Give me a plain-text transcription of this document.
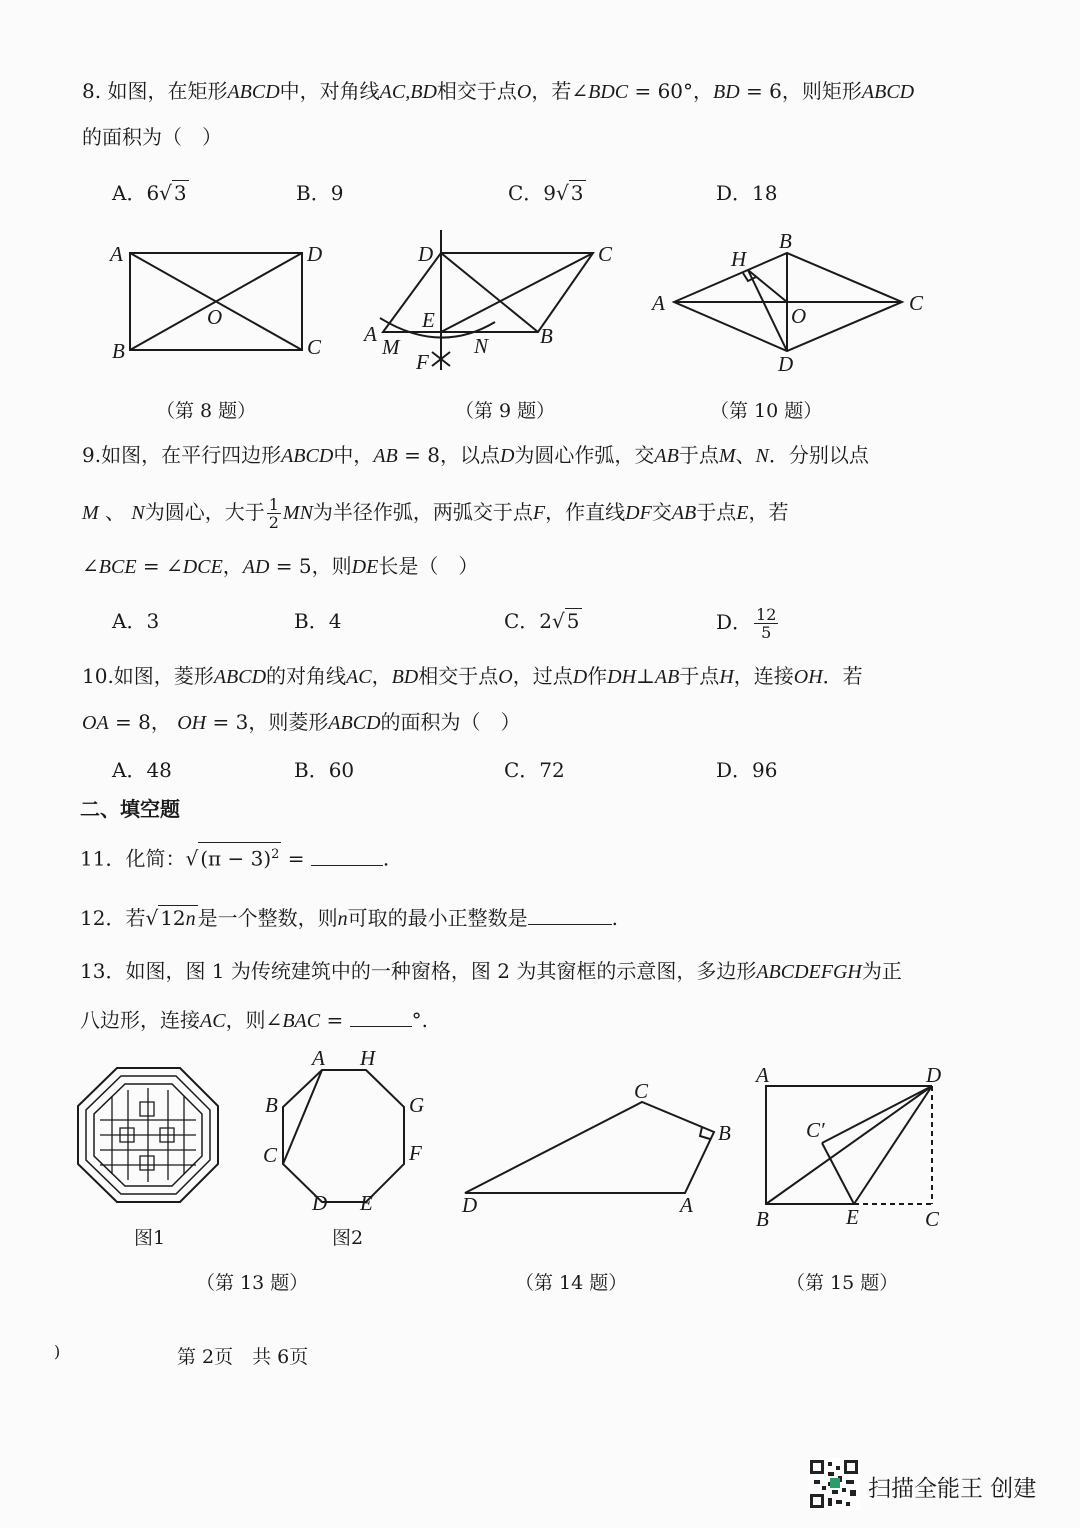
8. 如图，在矩形ABCD中，对角线AC,BD相交于点O，若∠BDC = 60°，BD = 6，则矩形ABCD
的面积为（　）
A．6√ 3	B．9	C．9√ 3	D．18
A	D
O
B	C
D	C
A
E
M	N
F
B
H
B
A
O
C
D
（第 8 题）	（第 9 题）	（第 10 题）
9.如图，在平行四边形ABCD中，AB = 8，以点D为圆心作弧，交AB于点M、N．分别以点
M 、 N为圆心，大于 $\frac{1}{2}$ MN为半径作弧，两弧交于点F，作直线DF交AB于点E，若
∠BCE = ∠DCE，AD = 5，则DE长是（　）
A．3	B．4	C．2√ 5	D． $\frac{12}{5}$
10.如图，菱形ABCD的对角线AC，BD相交于点O，过点D作DH⊥AB于点H，连接OH．若
OA = 8， OH = 3，则菱形ABCD的面积为（　）
A．48	B．60	C．72	D．96
二、填空题
11．化简：√ $(\pi - 3)^2$ =	.
12．若√ 12n 是一个整数，则n可取的最小正整数是	.
13．如图，图 1 为传统建筑中的一种窗格，图 2 为其窗框的示意图，多边形ABCDEFGH为正
八边形，连接AC，则∠BAC =	°.
A H
B	G
C	F
D E
C
B
D	A
A	D
C′
B	E	C
图1	图2
（第 13 题）	（第 14 题）	（第 15 题）
)	第 2页　共 6页
扫描全能王 创建
